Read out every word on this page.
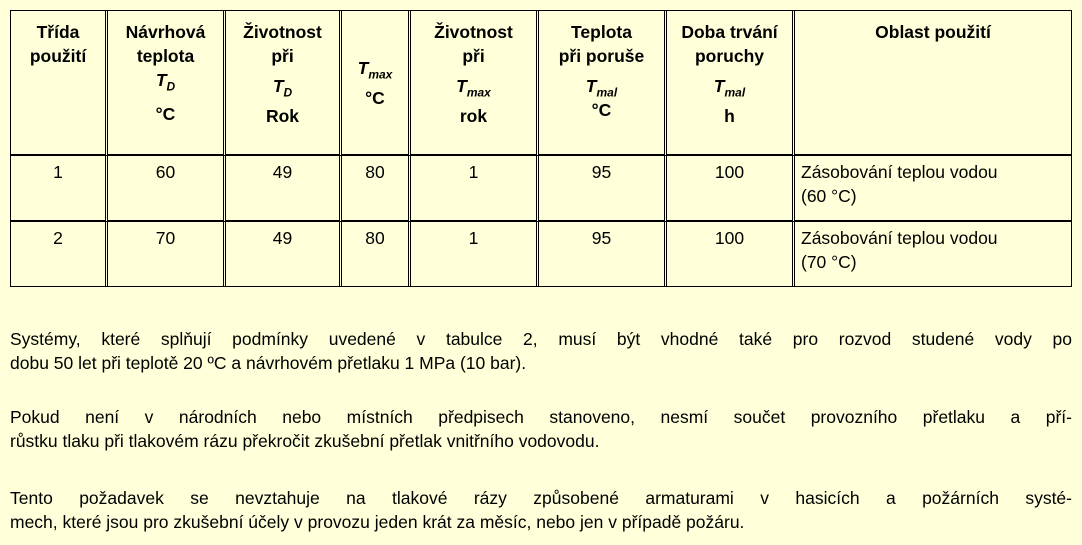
Třída
použití	Návrhová
teplota
$T_D$
°C	Životnost
při
$T_D$
Rok	$T_{max}$
°C	Životnost
při
$T_{max}$
rok	Teplota
při poruše
$T_{mal}$
°C	Doba trvání
poruchy
$T_{mal}$
h	Oblast použití

1	60	49	80	1	95	100	Zásobování teplou vodou
(60 °C)

2	70	49	80	1	95	100	Zásobování teplou vodou
(70 °C)

Systémy, které splňují podmínky uvedené v tabulce 2, musí být vhodné také pro rozvod studené vody po
dobu 50 let při teplotě 20 ºC a návrhovém přetlaku 1 MPa (10 bar).

Pokud není v národních nebo místních předpisech stanoveno, nesmí součet provozního přetlaku a pří-
růstku tlaku při tlakovém rázu překročit zkušební přetlak vnitřního vodovodu.

Tento požadavek se nevztahuje na tlakové rázy způsobené armaturami v hasicích a požárních systé-
mech, které jsou pro zkušební účely v provozu jeden krát za měsíc, nebo jen v případě požáru.
